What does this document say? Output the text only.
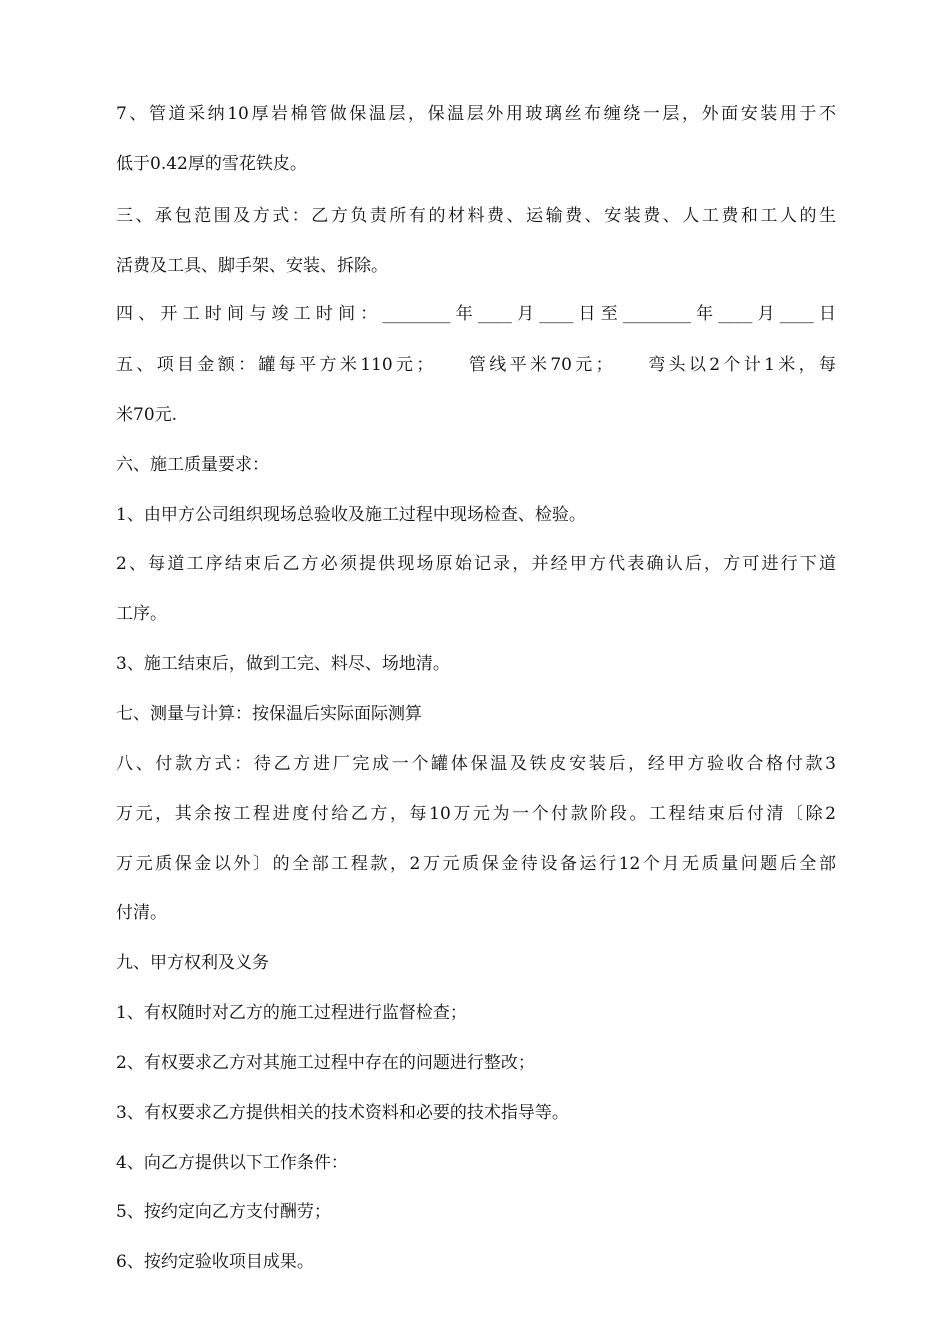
7、管道采纳10厚岩棉管做保温层，保温层外用玻璃丝布缠绕一层，外面安装用于不

低于0.42厚的雪花铁皮。

三、承包范围及方式：乙方负责所有的材料费、运输费、安装费、人工费和工人的生

活费及工具、脚手架、安装、拆除。

四、开工时间与竣工时间：________年____月____日至________年____月____日

五、项目金额：罐每平方米110元；　　管线平米70元；　　弯头以2个计1米，每

米70元.

六、施工质量要求：

1、由甲方公司组织现场总验收及施工过程中现场检查、检验。

2、每道工序结束后乙方必须提供现场原始记录，并经甲方代表确认后，方可进行下道

工序。

3、施工结束后，做到工完、料尽、场地清。

七、测量与计算：按保温后实际面际测算

八、付款方式：待乙方进厂完成一个罐体保温及铁皮安装后，经甲方验收合格付款3

万元，其余按工程进度付给乙方，每10万元为一个付款阶段。工程结束后付清〔除2

万元质保金以外〕的全部工程款，2万元质保金待设备运行12个月无质量问题后全部

付清。

九、甲方权利及义务

1、有权随时对乙方的施工过程进行监督检查；

2、有权要求乙方对其施工过程中存在的问题进行整改；

3、有权要求乙方提供相关的技术资料和必要的技术指导等。

4、向乙方提供以下工作条件：

5、按约定向乙方支付酬劳；

6、按约定验收项目成果。
